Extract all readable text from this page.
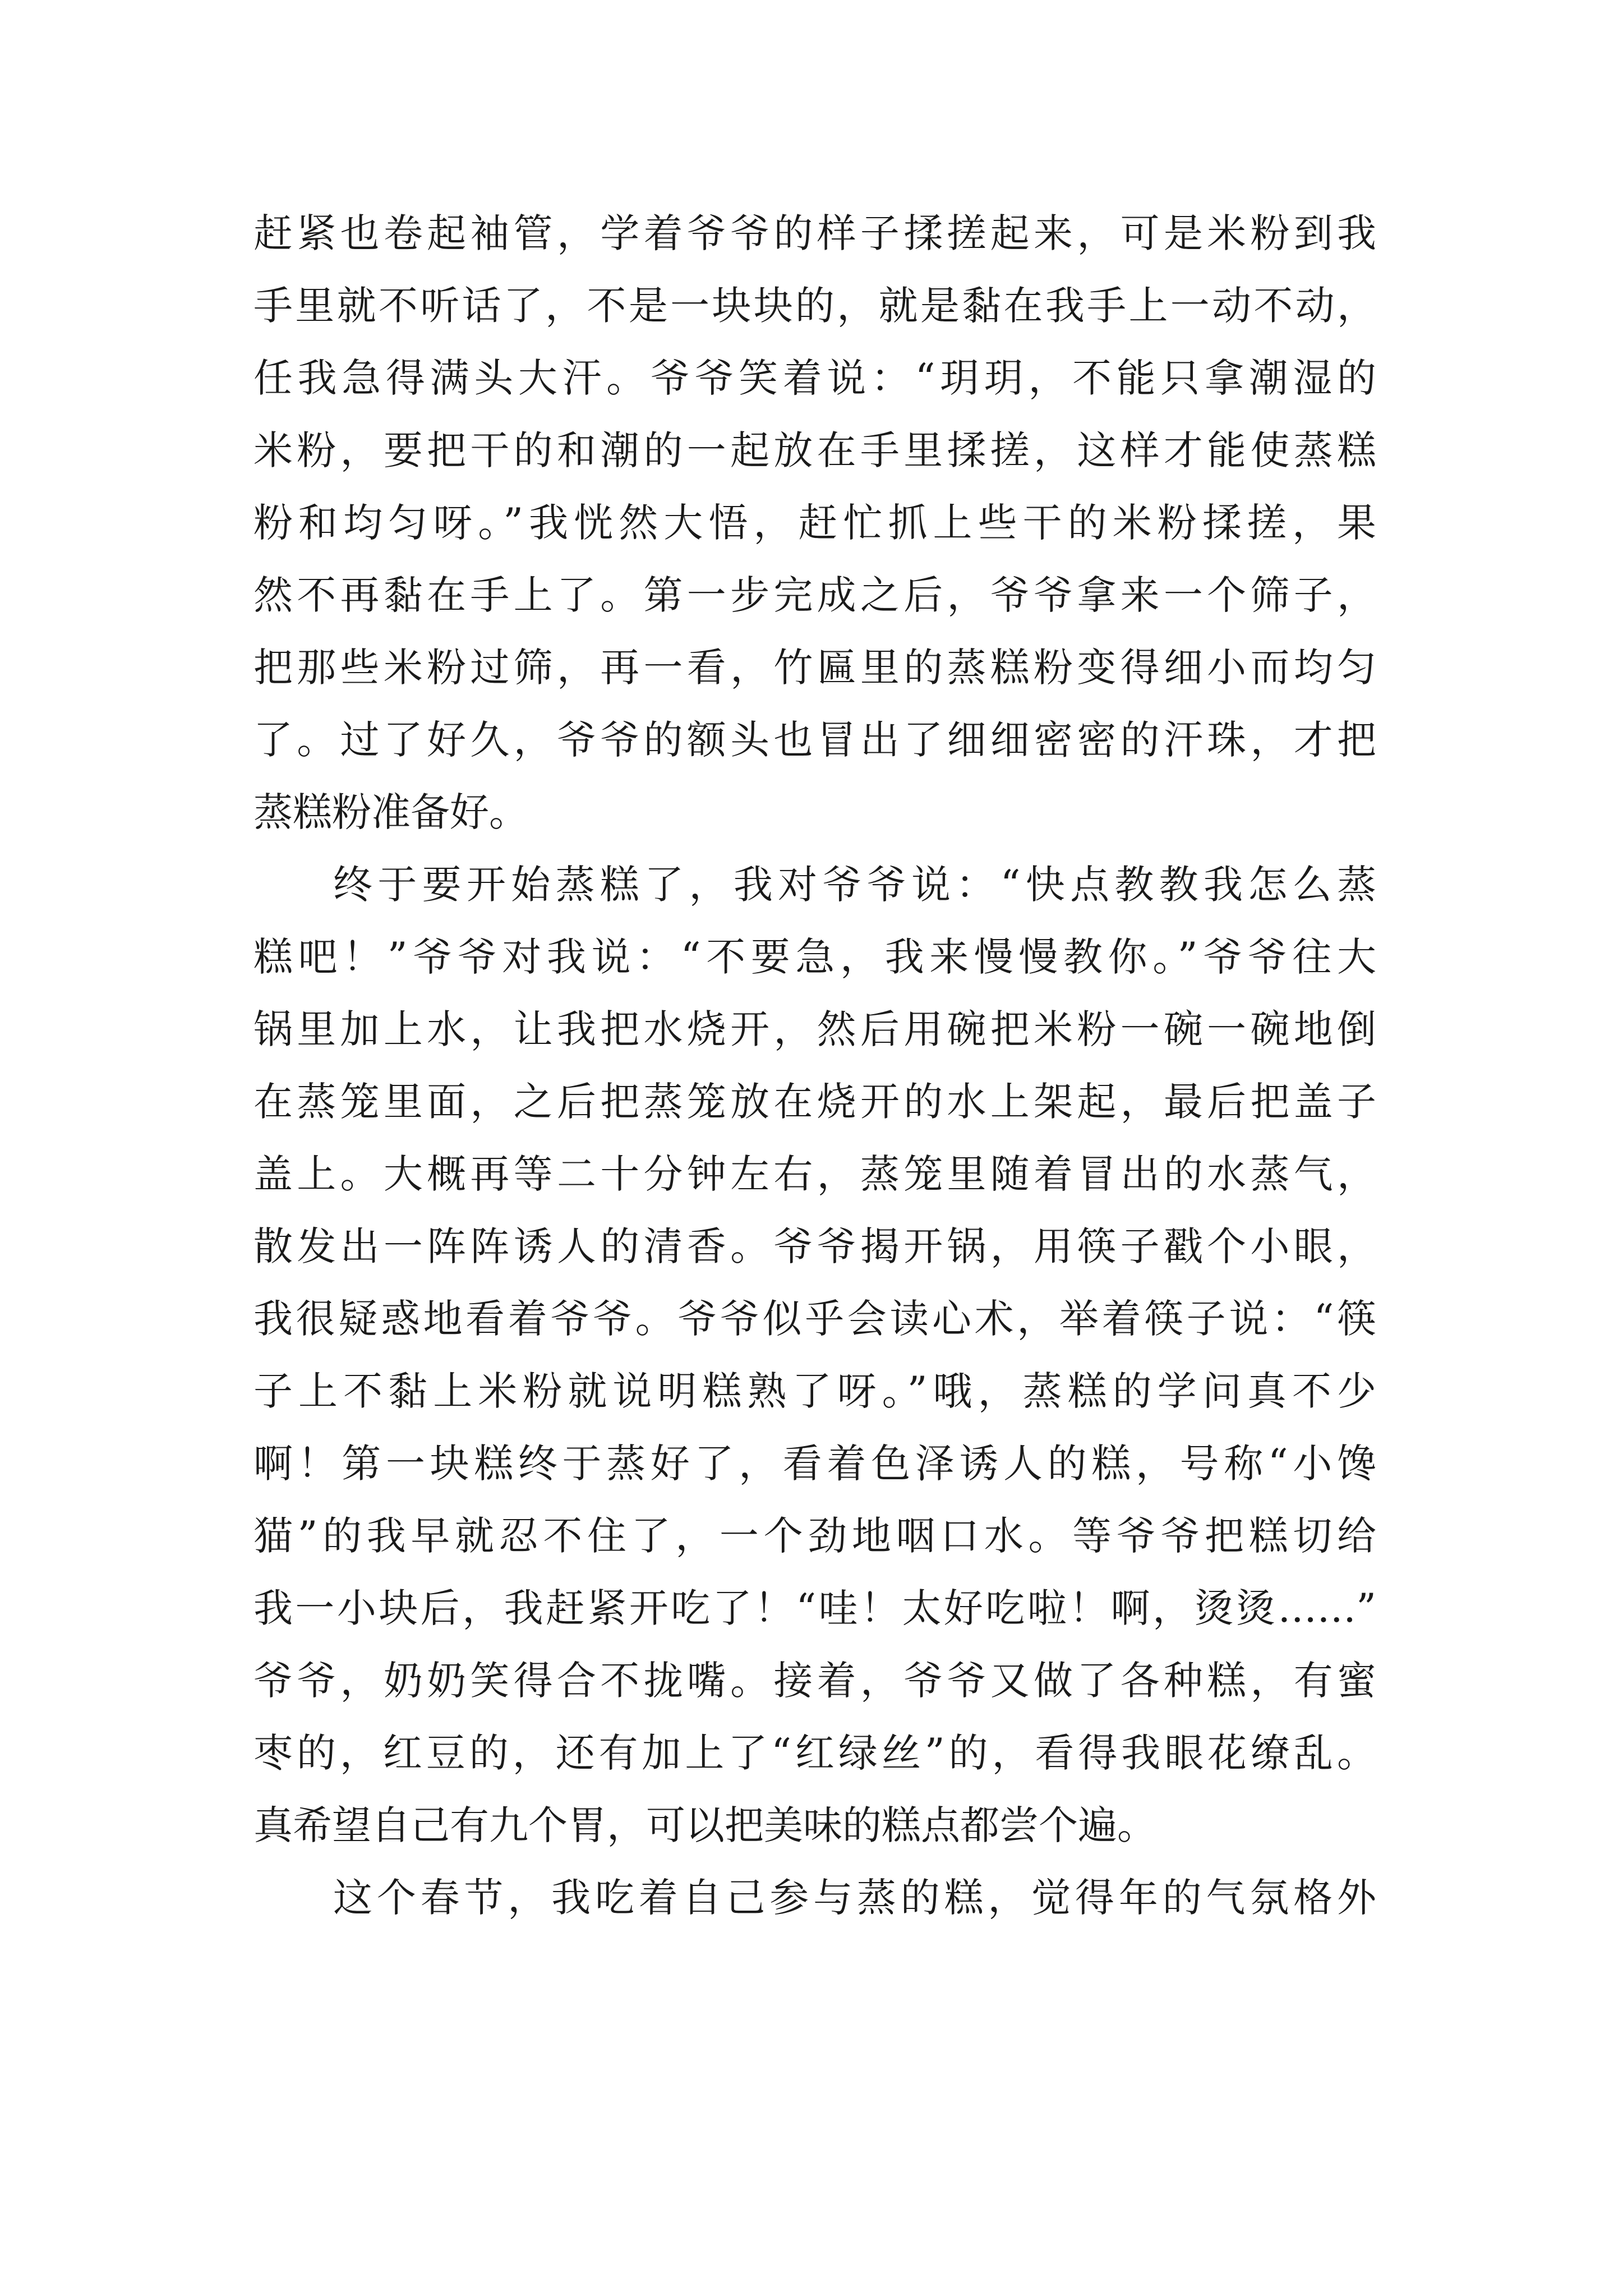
赶紧也卷起袖管，学着爷爷的样子揉搓起来，可是米粉到我
手里就不听话了，不是一块块的，就是黏在我手上一动不动，
任我急得满头大汗。爷爷笑着说：“玥玥，不能只拿潮湿的
米粉，要把干的和潮的一起放在手里揉搓，这样才能使蒸糕
粉和均匀呀。”我恍然大悟，赶忙抓上些干的米粉揉搓，果
然不再黏在手上了。第一步完成之后，爷爷拿来一个筛子，
把那些米粉过筛，再一看，竹匾里的蒸糕粉变得细小而均匀
了。过了好久，爷爷的额头也冒出了细细密密的汗珠，才把
蒸糕粉准备好。
终于要开始蒸糕了，我对爷爷说：“快点教教我怎么蒸
糕吧！”爷爷对我说：“不要急，我来慢慢教你。”爷爷往大
锅里加上水，让我把水烧开，然后用碗把米粉一碗一碗地倒
在蒸笼里面，之后把蒸笼放在烧开的水上架起，最后把盖子
盖上。大概再等二十分钟左右，蒸笼里随着冒出的水蒸气，
散发出一阵阵诱人的清香。爷爷揭开锅，用筷子戳个小眼，
我很疑惑地看着爷爷。爷爷似乎会读心术，举着筷子说：“筷
子上不黏上米粉就说明糕熟了呀。”哦，蒸糕的学问真不少
啊！第一块糕终于蒸好了，看着色泽诱人的糕，号称“小馋
猫”的我早就忍不住了，一个劲地咽口水。等爷爷把糕切给
我一小块后，我赶紧开吃了！“哇！太好吃啦！啊，烫烫……”
爷爷，奶奶笑得合不拢嘴。接着，爷爷又做了各种糕，有蜜
枣的，红豆的，还有加上了“红绿丝”的，看得我眼花缭乱。
真希望自己有九个胃，可以把美味的糕点都尝个遍。
这个春节，我吃着自己参与蒸的糕，觉得年的气氛格外
